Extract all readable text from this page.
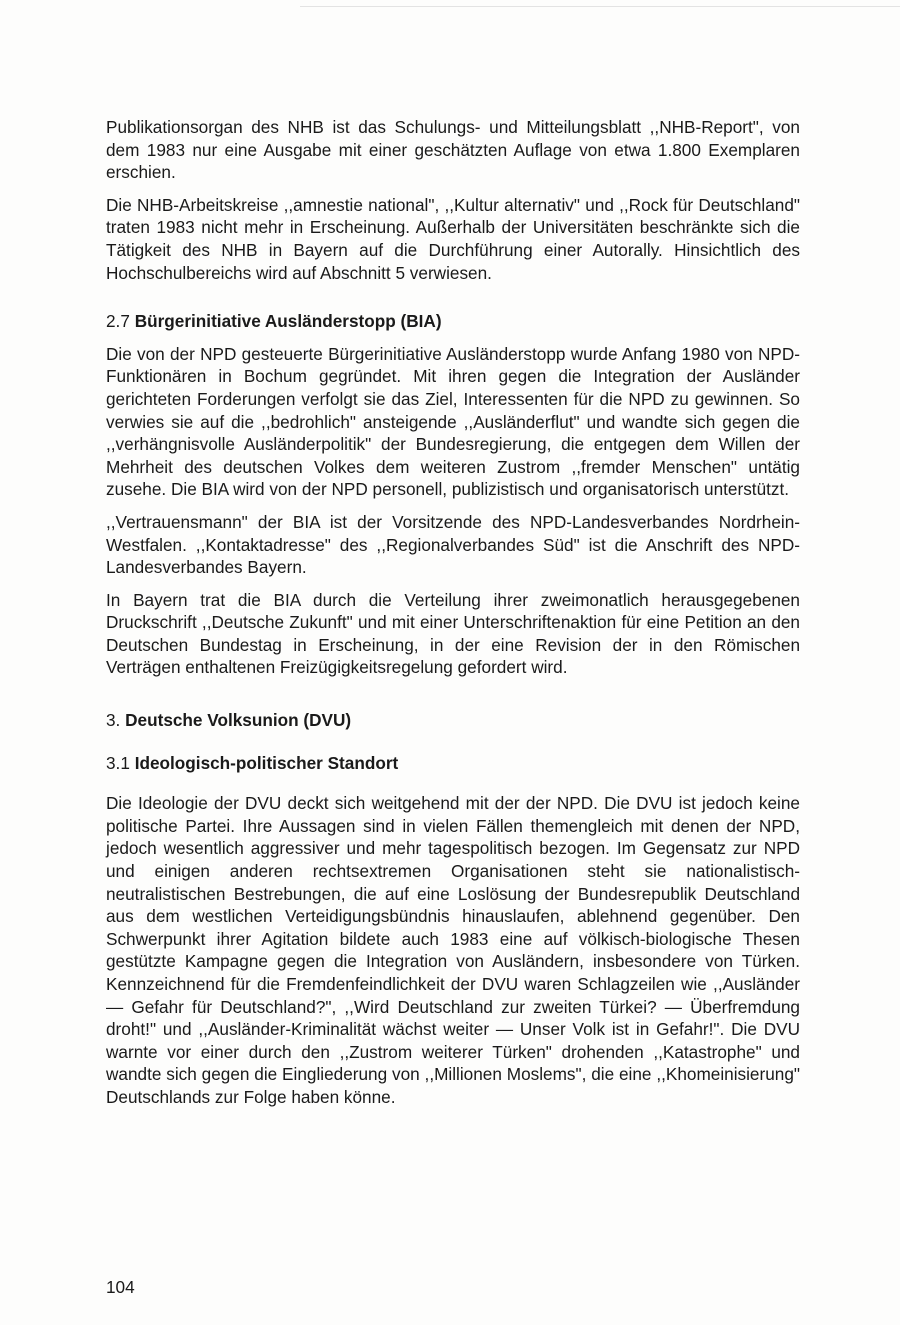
Publikationsorgan des NHB ist das Schulungs- und Mitteilungsblatt ,,NHB-Report", von dem 1983 nur eine Ausgabe mit einer geschätzten Auflage von etwa 1.800 Exemplaren erschien.

Die NHB-Arbeitskreise ,,amnestie national", ,,Kultur alternativ" und ,,Rock für Deutschland" traten 1983 nicht mehr in Erscheinung. Außerhalb der Universitäten beschränkte sich die Tätigkeit des NHB in Bayern auf die Durchführung einer Autorally. Hinsichtlich des Hochschulbereichs wird auf Abschnitt 5 verwiesen.

2.7 Bürgerinitiative Ausländerstopp (BIA)

Die von der NPD gesteuerte Bürgerinitiative Ausländerstopp wurde Anfang 1980 von NPD-Funktionären in Bochum gegründet. Mit ihren gegen die Integration der Ausländer gerichteten Forderungen verfolgt sie das Ziel, Interessenten für die NPD zu gewinnen. So verwies sie auf die ,,bedrohlich" ansteigende ,,Ausländerflut" und wandte sich gegen die ,,verhängnisvolle Ausländerpolitik" der Bundesregierung, die entgegen dem Willen der Mehrheit des deutschen Volkes dem weiteren Zustrom ,,fremder Menschen" untätig zusehe. Die BIA wird von der NPD personell, publizistisch und organisatorisch unterstützt.

,,Vertrauensmann" der BIA ist der Vorsitzende des NPD-Landesverbandes Nordrhein-Westfalen. ,,Kontaktadresse" des ,,Regionalverbandes Süd" ist die Anschrift des NPD-Landesverbandes Bayern.

In Bayern trat die BIA durch die Verteilung ihrer zweimonatlich herausgegebenen Druckschrift ,,Deutsche Zukunft" und mit einer Unterschriftenaktion für eine Petition an den Deutschen Bundestag in Erscheinung, in der eine Revision der in den Römischen Verträgen enthaltenen Freizügigkeitsregelung gefordert wird.

3. Deutsche Volksunion (DVU)
3.1 Ideologisch-politischer Standort

Die Ideologie der DVU deckt sich weitgehend mit der der NPD. Die DVU ist jedoch keine politische Partei. Ihre Aussagen sind in vielen Fällen themengleich mit denen der NPD, jedoch wesentlich aggressiver und mehr tagespolitisch bezogen. Im Gegensatz zur NPD und einigen anderen rechtsextremen Organisationen steht sie nationalistisch-neutralistischen Bestrebungen, die auf eine Loslösung der Bundesrepublik Deutschland aus dem westlichen Verteidigungsbündnis hinauslaufen, ablehnend gegenüber. Den Schwerpunkt ihrer Agitation bildete auch 1983 eine auf völkisch-biologische Thesen gestützte Kampagne gegen die Integration von Ausländern, insbesondere von Türken. Kennzeichnend für die Fremdenfeindlichkeit der DVU waren Schlagzeilen wie ,,Ausländer — Gefahr für Deutschland?", ,,Wird Deutschland zur zweiten Türkei? — Überfremdung droht!" und ,,Ausländer-Kriminalität wächst weiter — Unser Volk ist in Gefahr!". Die DVU warnte vor einer durch den ,,Zustrom weiterer Türken" drohenden ,,Katastrophe" und wandte sich gegen die Eingliederung von ,,Millionen Moslems", die eine ,,Khomeinisierung" Deutschlands zur Folge haben könne.

104
